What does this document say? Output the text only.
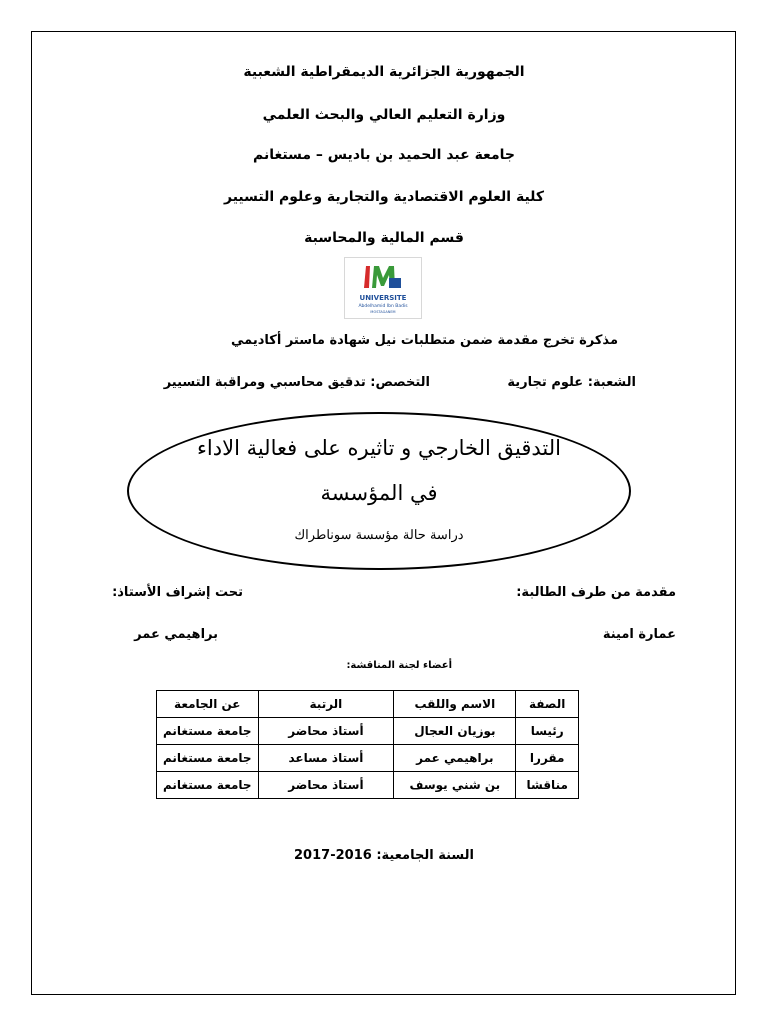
الجمهورية الجزائرية الديمقراطية الشعبية
وزارة التعليم العالي والبحث العلمي
جامعة عبد الحميد بن باديس – مستغانم
كلية العلوم الاقتصادية والتجارية وعلوم التسيير
قسم المالية والمحاسبة
UNIVERSITE
Abdelhamid Ibn Badis
MOSTAGANEM
مذكرة تخرج مقدمة ضمن متطلبات نيل شهادة ماستر أكاديمي
الشعبة: علوم تجارية
التخصص: تدقيق محاسبي ومراقبة التسيير
التدقيق الخارجي و تاثيره على فعالية الاداء
في المؤسسة
دراسة حالة مؤسسة سوناطراك
مقدمة من طرف الطالبة:
تحت إشراف الأستاذ:
عمارة امينة
براهيمي عمر
أعضاء لجنة المناقشة:
الصفة	الاسم واللقب	الرتبة	عن الجامعة
رئيسا	بوزيان العجال	أستاذ محاضر	جامعة مستغانم
مقررا	براهيمي عمر	أستاذ مساعد	جامعة مستغانم
مناقشا	بن شني يوسف	أستاذ محاضر	جامعة مستغانم
السنة الجامعية: 2016-2017
